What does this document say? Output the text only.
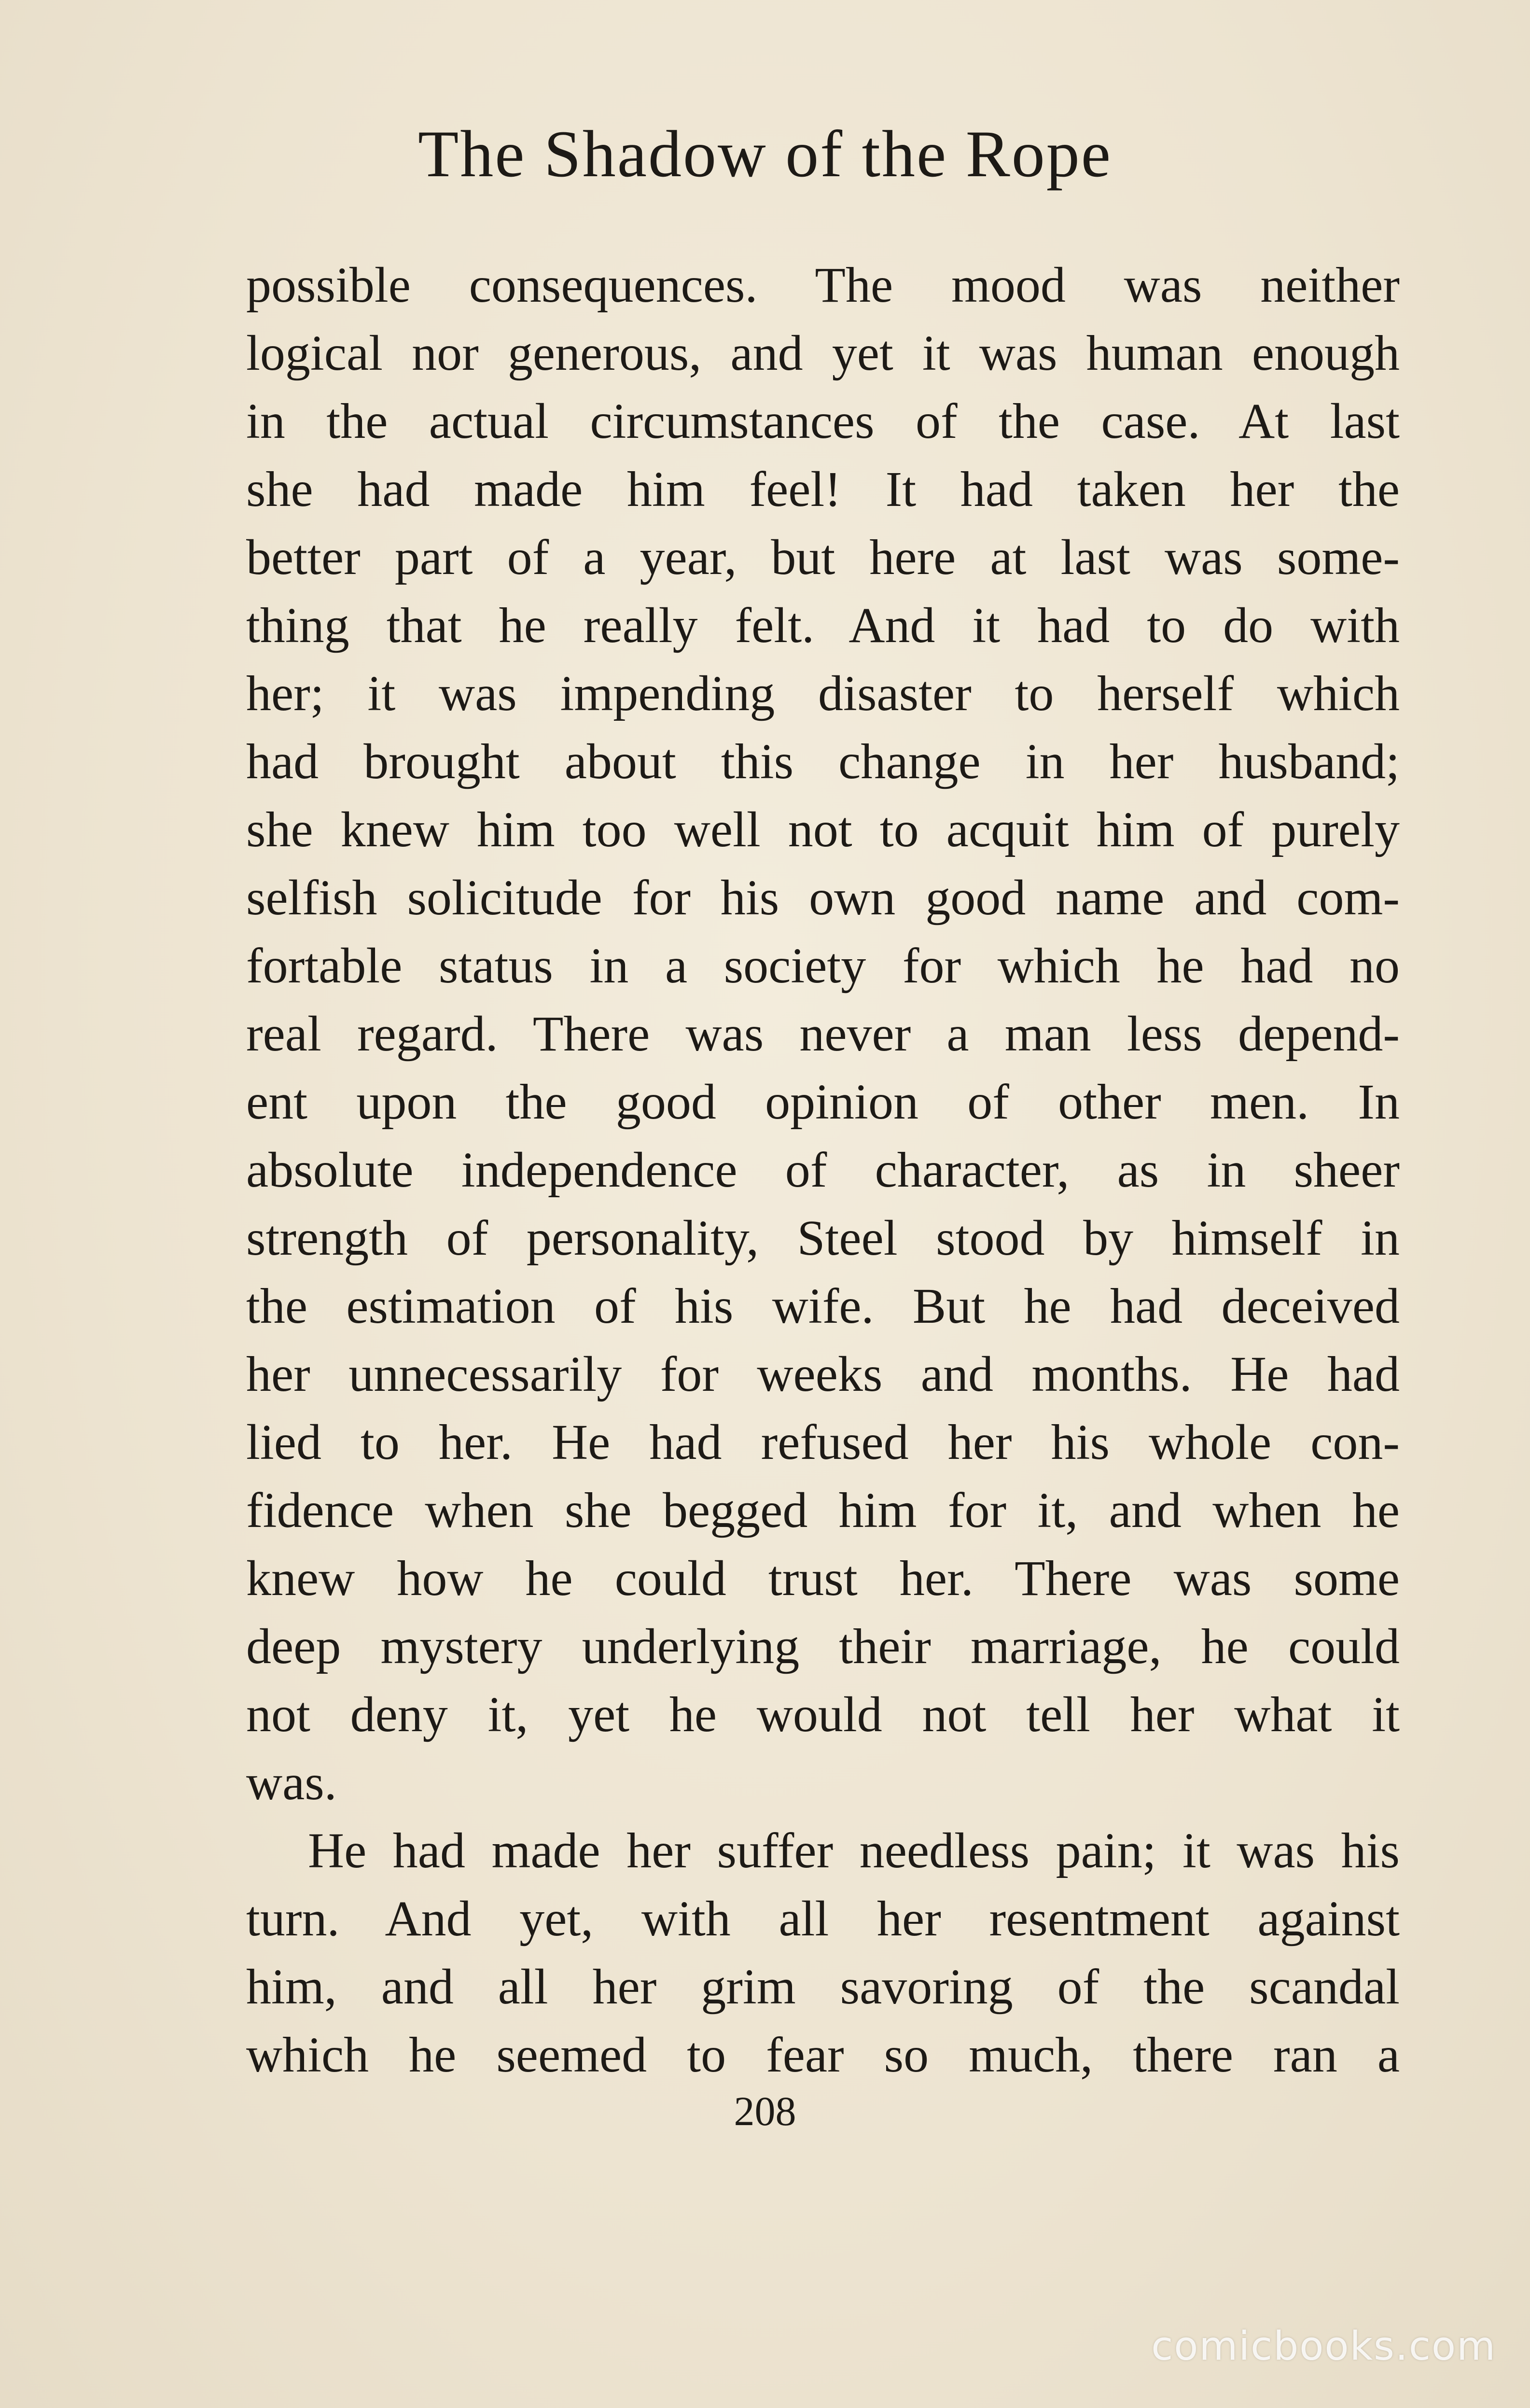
The Shadow of the Rope
possible consequences. The mood was neither
logical nor generous, and yet it was human enough
in the actual circumstances of the case. At last
she had made him feel! It had taken her the
better part of a year, but here at last was some-
thing that he really felt. And it had to do with
her; it was impending disaster to herself which
had brought about this change in her husband;
she knew him too well not to acquit him of purely
selfish solicitude for his own good name and com-
fortable status in a society for which he had no
real regard. There was never a man less depend-
ent upon the good opinion of other men. In
absolute independence of character, as in sheer
strength of personality, Steel stood by himself in
the estimation of his wife. But he had deceived
her unnecessarily for weeks and months. He had
lied to her. He had refused her his whole con-
fidence when she begged him for it, and when he
knew how he could trust her. There was some
deep mystery underlying their marriage, he could
not deny it, yet he would not tell her what it
was.
He had made her suffer needless pain; it was his
turn. And yet, with all her resentment against
him, and all her grim savoring of the scandal
which he seemed to fear so much, there ran a
208
comicbooks.com
